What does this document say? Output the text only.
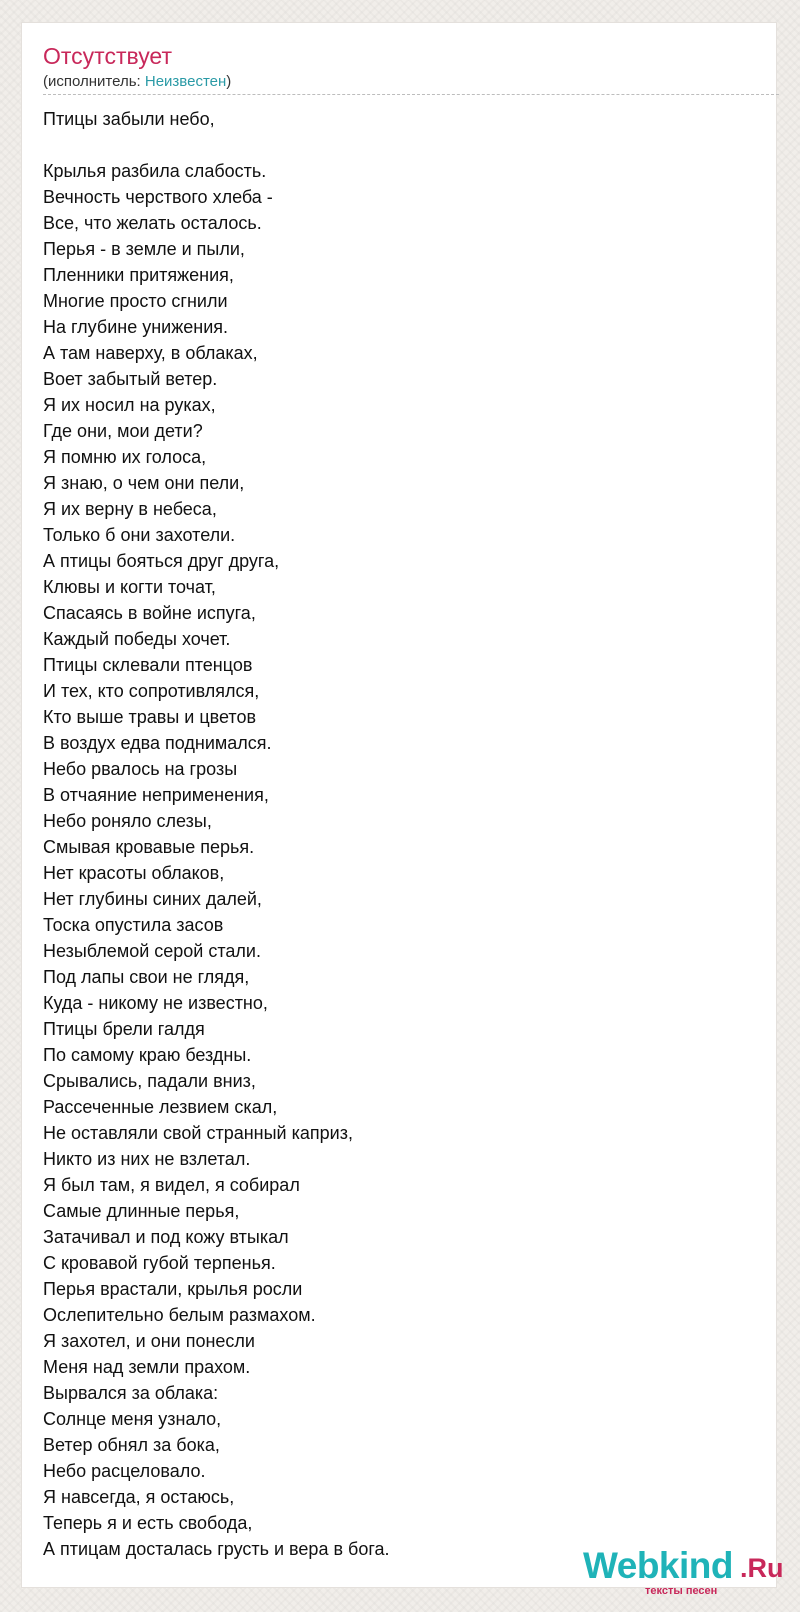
Отсутствует
(исполнитель: Неизвестен)
Птицы забыли небо,
Крылья разбила слабость.
Вечность черствого хлеба -
Все, что желать осталось.
Перья - в земле и пыли,
Пленники притяжения,
Многие просто сгнили
На глубине унижения.
А там наверху, в облаках,
Воет забытый ветер.
Я их носил на руках,
Где они, мои дети?
Я помню их голоса,
Я знаю, о чем они пели,
Я их верну в небеса,
Только б они захотели.
А птицы бояться друг друга,
Клювы и когти точат,
Спасаясь в войне испуга,
Каждый победы хочет.
Птицы склевали птенцов
И тех, кто сопротивлялся,
Кто выше травы и цветов
В воздух едва поднимался.
Небо рвалось на грозы
В отчаяние неприменения,
Небо роняло слезы,
Смывая кровавые перья.
Нет красоты облаков,
Нет глубины синих далей,
Тоска опустила засов
Незыблемой серой стали.
Под лапы свои не глядя,
Куда - никому не известно,
Птицы брели галдя
По самому краю бездны.
Срывались, падали вниз,
Рассеченные лезвием скал,
Не оставляли свой странный каприз,
Никто из них не взлетал.
Я был там, я видел, я собирал
Самые длинные перья,
Затачивал и под кожу втыкал
С кровавой губой терпенья.
Перья врастали, крылья росли
Ослепительно белым размахом.
Я захотел, и они понесли
Меня над земли прахом.
Вырвался за облака:
Солнце меня узнало,
Ветер обнял за бока,
Небо расцеловало.
Я навсегда, я остаюсь,
Теперь я и есть свобода,
А птицам досталась грусть и вера в бога.	Webkind .Ru
тексты песен
